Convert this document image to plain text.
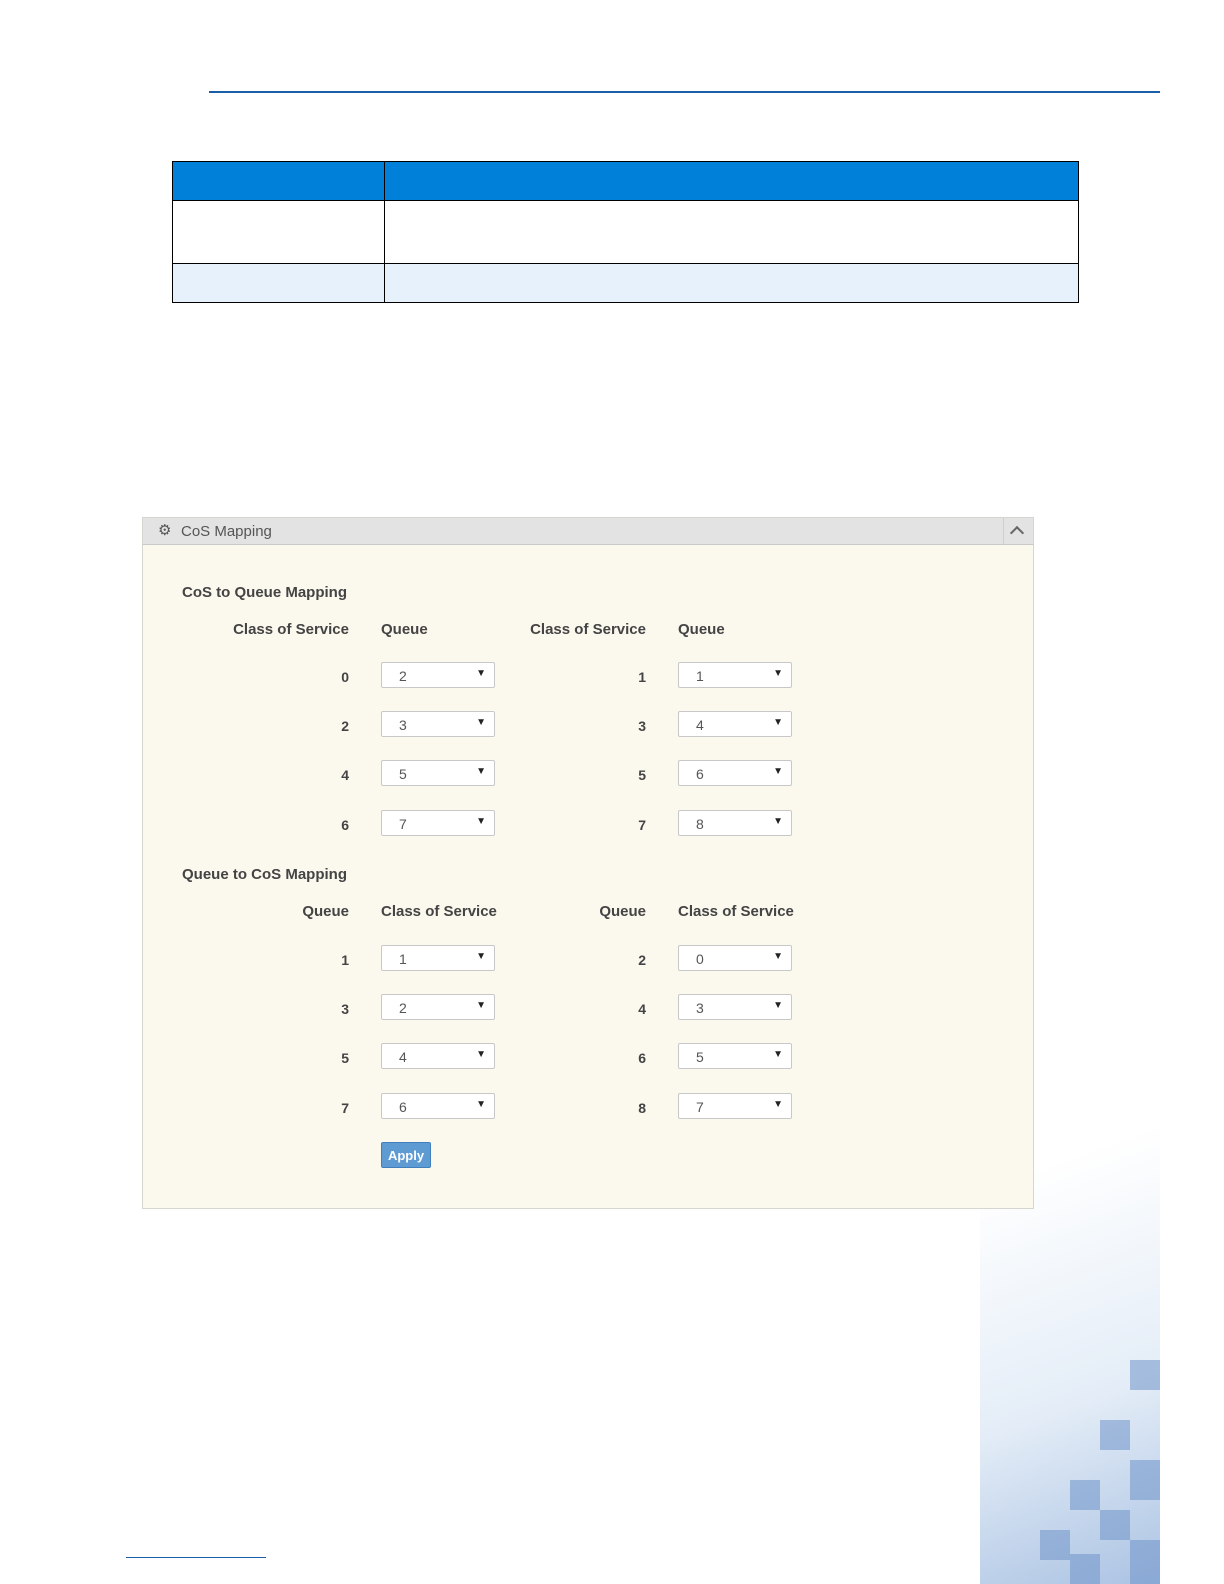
⚙ CoS Mapping
CoS to Queue Mapping
Class of Service Queue	Class of Service Queue
0	2	▼	1	1	▼
2	3	▼	3	4	▼
4	5	▼	5	6	▼
6	7	▼	7	8	▼
Queue to CoS Mapping
Queue Class of Service	Queue Class of Service
1	1	▼	2	0	▼
3	2	▼	4	3	▼
5	4	▼	6	5	▼
7	6	▼	8	7	▼
Apply
